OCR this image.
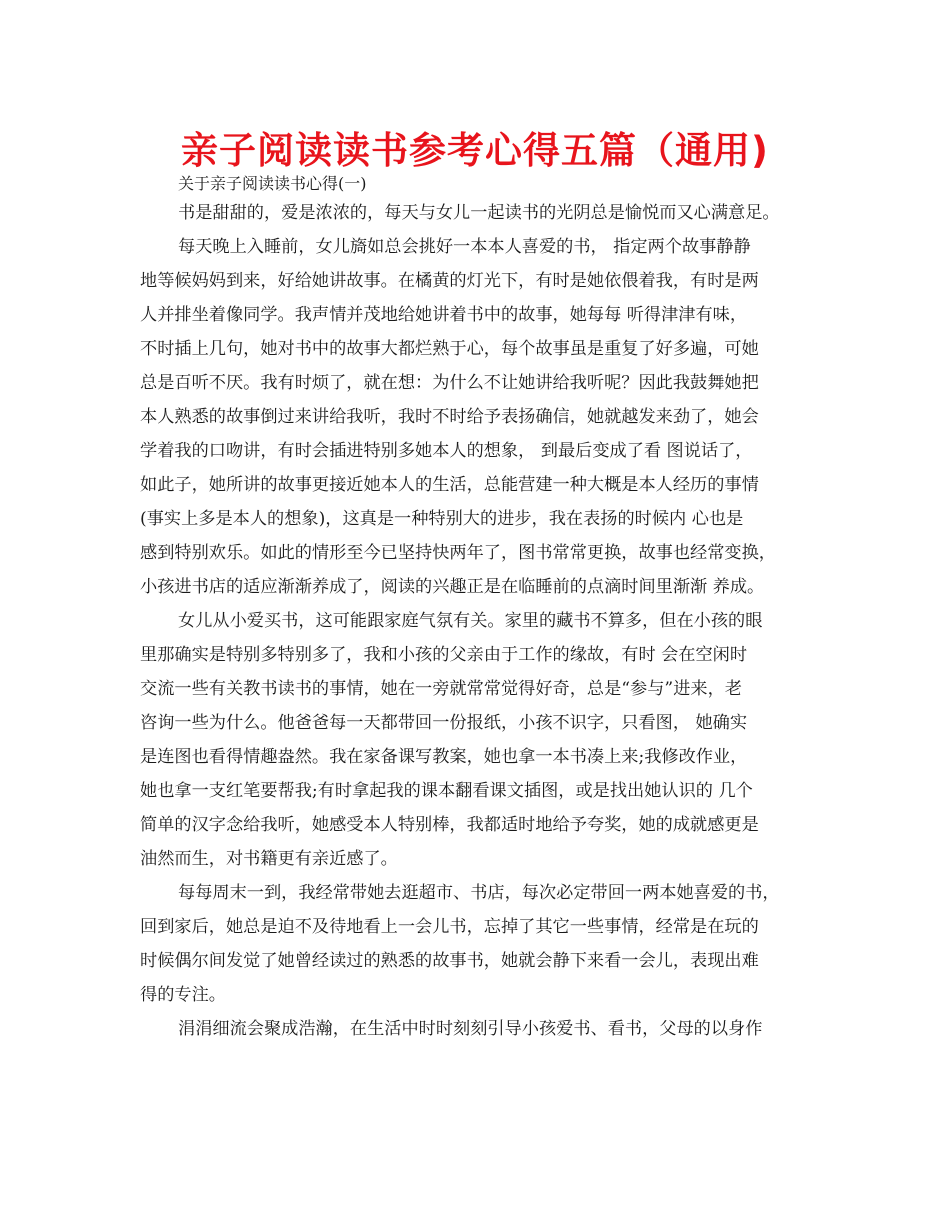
亲子阅读读书参考心得五篇（通用)

关于亲子阅读读书心得(一)

书是甜甜的，爱是浓浓的，每天与女儿一起读书的光阴总是愉悦而又心满意足。

每天晚上入睡前，女儿旖如总会挑好一本本人喜爱的书， 指定两个故事静静

地等候妈妈到来，好给她讲故事。在橘黄的灯光下，有时是她依偎着我，有时是两

人并排坐着像同学。我声情并茂地给她讲着书中的故事，她每每 听得津津有味，

不时插上几句，她对书中的故事大都烂熟于心，每个故事虽是重复了好多遍，可她

总是百听不厌。我有时烦了，就在想：为什么不让她讲给我听呢？因此我鼓舞她把

本人熟悉的故事倒过来讲给我听，我时不时给予表扬确信，她就越发来劲了，她会

学着我的口吻讲，有时会插进特别多她本人的想象， 到最后变成了看 图说话了，

如此子，她所讲的故事更接近她本人的生活，总能营建一种大概是本人经历的事情

(事实上多是本人的想象)，这真是一种特别大的进步，我在表扬的时候内 心也是

感到特别欢乐。如此的情形至今已坚持快两年了，图书常常更换，故事也经常变换，

小孩进书店的适应渐渐养成了，阅读的兴趣正是在临睡前的点滴时间里渐渐 养成。

女儿从小爱买书，这可能跟家庭气氛有关。家里的藏书不算多，但在小孩的眼

里那确实是特别多特别多了，我和小孩的父亲由于工作的缘故，有时 会在空闲时

交流一些有关教书读书的事情，她在一旁就常常觉得好奇，总是“参与”进来，老

咨询一些为什么。他爸爸每一天都带回一份报纸，小孩不识字，只看图， 她确实

是连图也看得情趣盎然。我在家备课写教案，她也拿一本书凑上来;我修改作业，

她也拿一支红笔要帮我;有时拿起我的课本翻看课文插图，或是找出她认识的 几个

简单的汉字念给我听，她感受本人特别棒，我都适时地给予夸奖，她的成就感更是

油然而生，对书籍更有亲近感了。

每每周末一到，我经常带她去逛超市、书店，每次必定带回一两本她喜爱的书，

回到家后，她总是迫不及待地看上一会儿书，忘掉了其它一些事情，经常是在玩的

时候偶尔间发觉了她曾经读过的熟悉的故事书，她就会静下来看一会儿，表现出难

得的专注。

涓涓细流会聚成浩瀚，在生活中时时刻刻引导小孩爱书、看书，父母的以身作
